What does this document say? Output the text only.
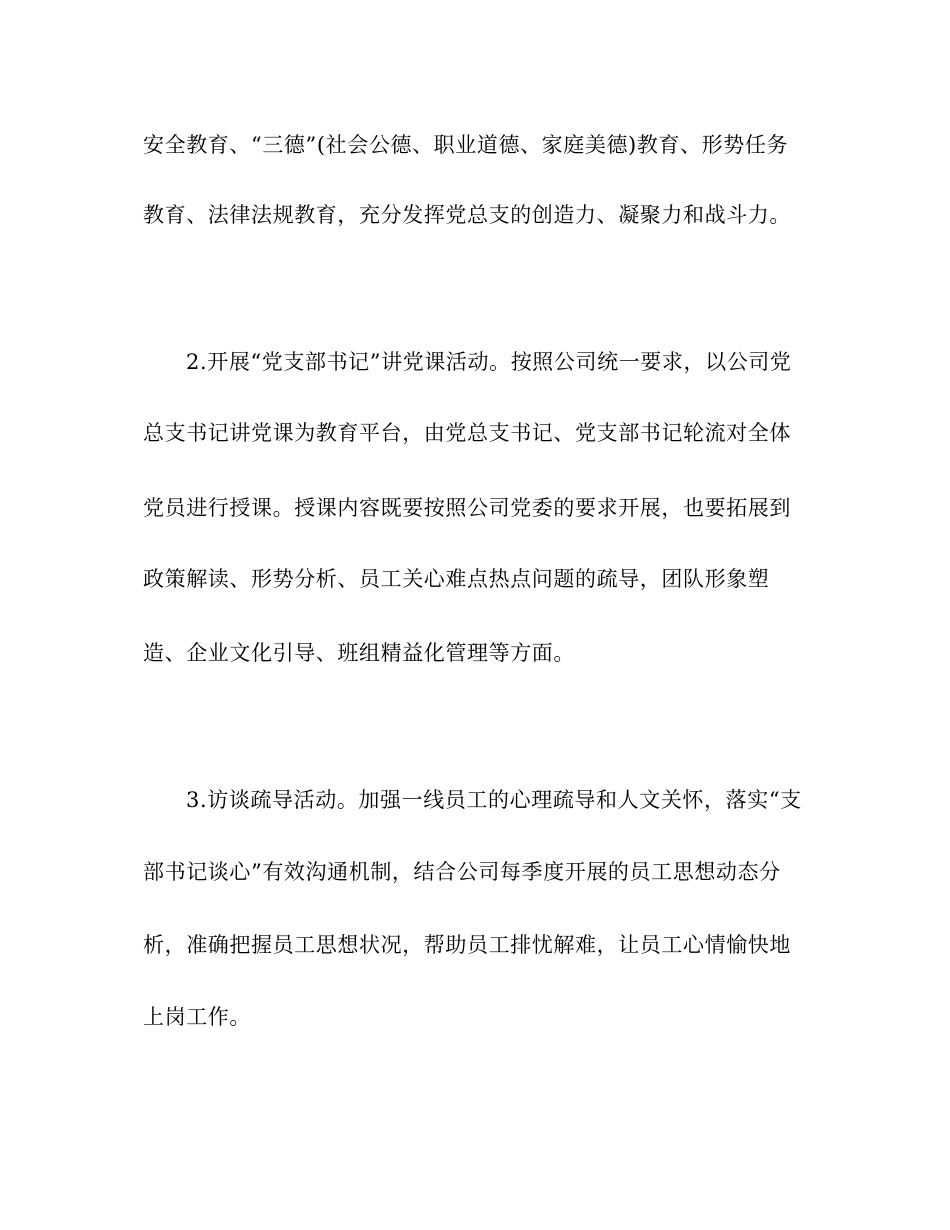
安全教育、“三德”(社会公德、职业道德、家庭美德)教育、形势任务
教育、法律法规教育，充分发挥党总支的创造力、凝聚力和战斗力。
2.开展“党支部书记”讲党课活动。按照公司统一要求，以公司党
总支书记讲党课为教育平台，由党总支书记、党支部书记轮流对全体
党员进行授课。授课内容既要按照公司党委的要求开展，也要拓展到
政策解读、形势分析、员工关心难点热点问题的疏导，团队形象塑
造、企业文化引导、班组精益化管理等方面。
3.访谈疏导活动。加强一线员工的心理疏导和人文关怀，落实“支
部书记谈心”有效沟通机制，结合公司每季度开展的员工思想动态分
析，准确把握员工思想状况，帮助员工排忧解难，让员工心情愉快地
上岗工作。
